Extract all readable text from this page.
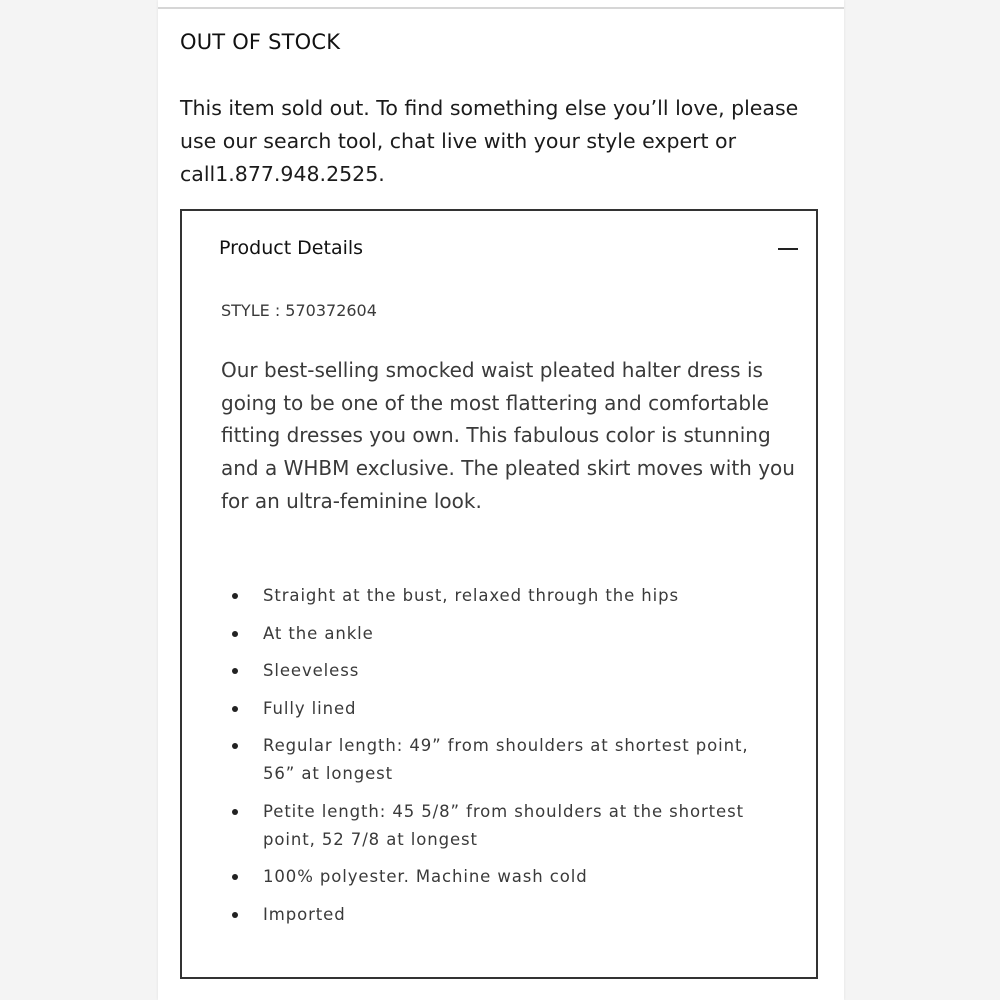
OUT OF STOCK
This item sold out. To find something else you’ll love, please use our search tool, chat live with your style expert or call1.877.948.2525.
Product Details
STYLE : 570372604

Our best-selling smocked waist pleated halter dress is going to be one of the most flattering and comfortable fitting dresses you own. This fabulous color is stunning and a WHBM exclusive. The pleated skirt moves with you for an ultra-feminine look.

Straight at the bust, relaxed through the hips
At the ankle
Sleeveless
Fully lined
Regular length: 49” from shoulders at shortest point, 56” at longest
Petite length: 45 5/8” from shoulders at the shortest point, 52 7/8 at longest
100% polyester. Machine wash cold
Imported
